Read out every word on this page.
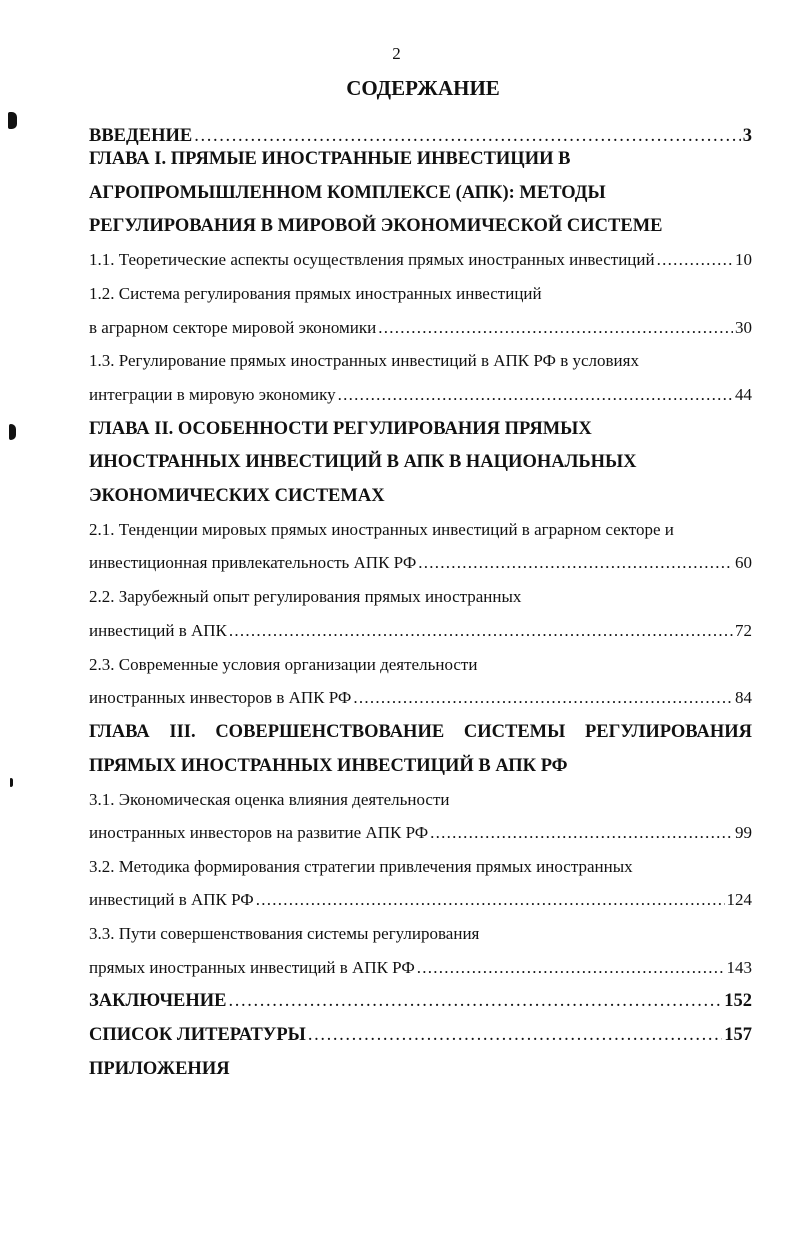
2
СОДЕРЖАНИЕ
ВВЕДЕНИЕ . . .	3
ГЛАВА I. ПРЯМЫЕ ИНОСТРАННЫЕ ИНВЕСТИЦИИ В
АГРОПРОМЫШЛЕННОМ КОМПЛЕКСЕ (АПК): МЕТОДЫ
РЕГУЛИРОВАНИЯ В МИРОВОЙ ЭКОНОМИЧЕСКОЙ СИСТЕМЕ
1.1. Теоретические аспекты осуществления прямых иностранных инвестиций . . .	10
1.2. Система регулирования прямых иностранных инвестиций
в аграрном секторе мировой экономики . . .	30
1.3. Регулирование прямых иностранных инвестиций в АПК РФ в условиях
интеграции в мировую экономику . . .	44
ГЛАВА II. ОСОБЕННОСТИ РЕГУЛИРОВАНИЯ ПРЯМЫХ
ИНОСТРАННЫХ ИНВЕСТИЦИЙ В АПК В НАЦИОНАЛЬНЫХ
ЭКОНОМИЧЕСКИХ СИСТЕМАХ
2.1. Тенденции мировых прямых иностранных инвестиций в аграрном секторе и
инвестиционная привлекательность АПК РФ . . .	60
2.2. Зарубежный опыт регулирования прямых иностранных
инвестиций в АПК . . .	72
2.3. Современные условия организации деятельности
иностранных инвесторов в АПК РФ . . .	84
ГЛАВА III. СОВЕРШЕНСТВОВАНИЕ СИСТЕМЫ РЕГУЛИРОВАНИЯ
ПРЯМЫХ ИНОСТРАННЫХ ИНВЕСТИЦИЙ В АПК РФ
3.1. Экономическая оценка влияния деятельности
иностранных инвесторов на развитие АПК РФ . . .	99
3.2. Методика формирования стратегии привлечения прямых иностранных
инвестиций в АПК РФ . . .	124
3.3. Пути совершенствования системы регулирования
прямых иностранных инвестиций в АПК РФ . . .	143
ЗАКЛЮЧЕНИЕ . . .	152
СПИСОК ЛИТЕРАТУРЫ . . .	157
ПРИЛОЖЕНИЯ
